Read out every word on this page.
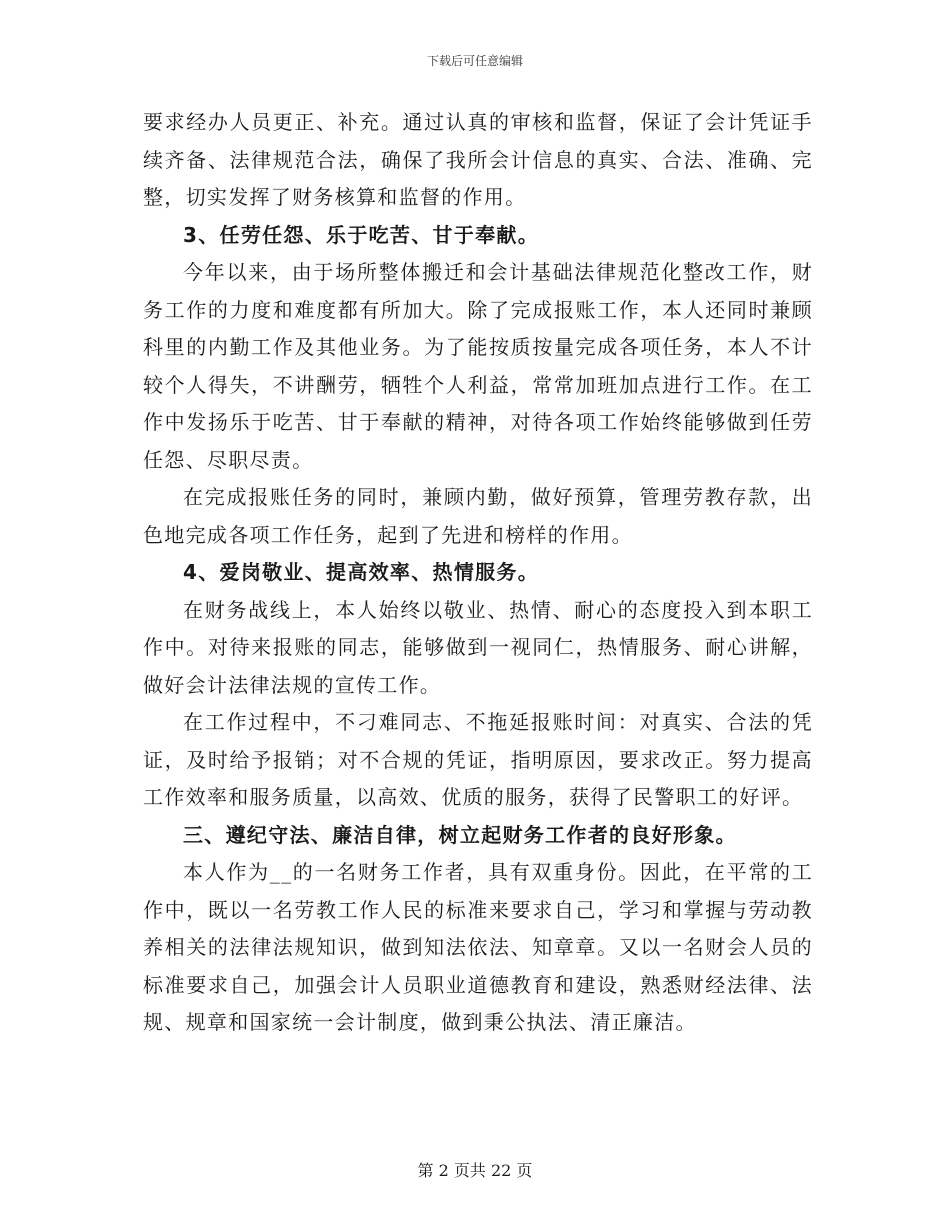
下载后可任意编辑

要求经办人员更正、补充。通过认真的审核和监督，保证了会计凭证手续齐备、法律规范合法，确保了我所会计信息的真实、合法、准确、完整，切实发挥了财务核算和监督的作用。

3、任劳任怨、乐于吃苦、甘于奉献。

今年以来，由于场所整体搬迁和会计基础法律规范化整改工作，财务工作的力度和难度都有所加大。除了完成报账工作，本人还同时兼顾科里的内勤工作及其他业务。为了能按质按量完成各项任务，本人不计较个人得失，不讲酬劳，牺牲个人利益，常常加班加点进行工作。在工作中发扬乐于吃苦、甘于奉献的精神，对待各项工作始终能够做到任劳任怨、尽职尽责。

在完成报账任务的同时，兼顾内勤，做好预算，管理劳教存款，出色地完成各项工作任务，起到了先进和榜样的作用。

4、爱岗敬业、提高效率、热情服务。

在财务战线上，本人始终以敬业、热情、耐心的态度投入到本职工作中。对待来报账的同志，能够做到一视同仁，热情服务、耐心讲解，做好会计法律法规的宣传工作。

在工作过程中，不刁难同志、不拖延报账时间：对真实、合法的凭证，及时给予报销；对不合规的凭证，指明原因，要求改正。努力提高工作效率和服务质量，以高效、优质的服务，获得了民警职工的好评。

三、遵纪守法、廉洁自律，树立起财务工作者的良好形象。

本人作为__的一名财务工作者，具有双重身份。因此，在平常的工作中，既以一名劳教工作人民的标准来要求自己，学习和掌握与劳动教养相关的法律法规知识，做到知法依法、知章章。又以一名财会人员的标准要求自己，加强会计人员职业道德教育和建设，熟悉财经法律、法规、规章和国家统一会计制度，做到秉公执法、清正廉洁。

第 2 页共 22 页
